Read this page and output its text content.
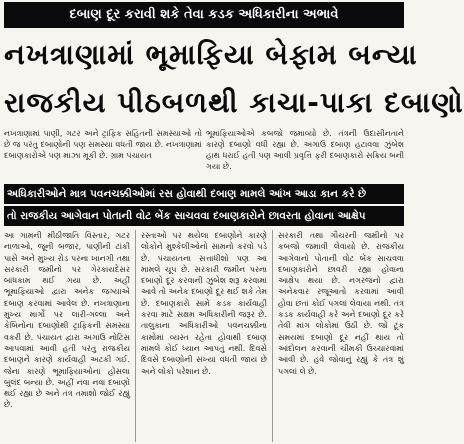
દબાણ દૂર કરાવી શકે તેવા કડક અધિકારીના અભાવે
નખત્રાણામાં ભૂમાફિયા બેફામ બન્યા
રાજકીય પીઠબળથી કાચા-પાકા દબાણો
નખત્રાણામાં પાણી, ગટર અને ટ્રાફિક સહિતની સમસ્યાઓ તો છે જ પરંતુ દબાણોની પણ સમસ્યા વધતી જાય છે. નખત્રાણામાં દબાણકારોએ પણ માઝા મૂકી છે. ગ્રામ પંચાયત
ભૂમાફિયાઓએ કબજો જમાવ્યો છે. તંત્રની ઉદાસીનતાને કારણે દબાણો વધી રહ્યા છે. અગાઉ દબાણ હટાવવા ઝુંબેશ હાથ ધરાઈ હતી પણ આવી પ્રવૃત્તિ ફરી દબાણકારો સક્રિય બની ગયા છે.
અધિકારીઓને માત્ર પવનચક્કીઓમાં રસ હોવાથી દબાણ મામલે આંખ આડા કાન કરે છે
તો રાજકીય આગેવાન પોતાની વોટ બેંક સાચવવા દબાણકારોને છાવરતા હોવાના આક્ષેપ
આ ગામની મીઠીજાતિ વિસ્તાર, ગટર નાળાઓ, જૂની બજાર, પાણીની ટાંકી પાસે અને મુખ્ય રોડ પરના ખાનગી તથા સરકારી જમીનો પર ગેરકાયદેસર બાંધકામ થઈ ગયા છે. અહીં ભૂમાફિયાઓ દ્વારા અનેક જગ્યાએ દબાણ કરવામાં આવેલ છે. નખત્રાણાના મુખ્ય માર્ગો પર લારી-ગલ્લા અને કેબિનોના દબાણોથી ટ્રાફિકની સમસ્યા વકરી છે. પંચાયત દ્વારા અગાઉ નોટિસ આપવામાં આવી હતી પરંતુ રાજકીય દબાણને કારણે કાર્યવાહી અટકી ગઈ. જેના કારણે ભૂમાફિયાઓના હોંસલા બુલંદ બન્યા છે. અહીં નવા નવા દબાણો થઈ રહ્યા છે અને તંત્ર તમાશો જોઈ રહ્યું છે.
રસ્તાઓ પર થયેલા દબાણોને કારણે લોકોને મુશ્કેલીઓનો સામનો કરવો પડે છે. પંચાયતના સત્તાધીશો પણ આ મામલે ચૂપ છે. સરકારી જમીન પરના દબાણો દૂર કરવાની ઝુંબેશ શરૂ કરવામાં આવે તો અનેક દબાણો દૂર થઈ શકે તેમ છે. દબાણકારો સામે કડક કાર્યવાહી કરવા માટે સક્ષમ અધિકારીની જરૂર છે. તાલુકાના અધિકારીઓ પવનચક્કીના કામોમાં વ્યસ્ત રહેતા હોવાથી દબાણ મામલે કોઈ ધ્યાન આપતું નથી. દિવસે દિવસે દબાણોની સંખ્યા વધતી જાય છે અને લોકો પરેશાન છે.
સરકારી તથા ગૌચરની જમીનો પર કબજો જમાવી લેવાયો છે. રાજકીય આગેવાનો પોતાની વોટ બેંક સાચવવા દબાણકારોને છાવરી રહ્યા હોવાના આક્ષેપ થયા છે. નગરજનો દ્વારા અનેકવાર રજૂઆતો કરવામાં આવી હોવા છતાં કોઈ પગલાં લેવાયા નથી. તંત્ર કડક કાર્યવાહી કરે અને દબાણો દૂર કરે તેવી માંગ લોકોમાં ઉઠી છે. જો ટૂંક સમયમાં દબાણો દૂર નહીં થાય તો આંદોલન કરવાની ચીમકી ઉચ્ચારવામાં આવી છે. હવે જોવાનું રહ્યું કે તંત્ર શું પગલાં લે છે.
